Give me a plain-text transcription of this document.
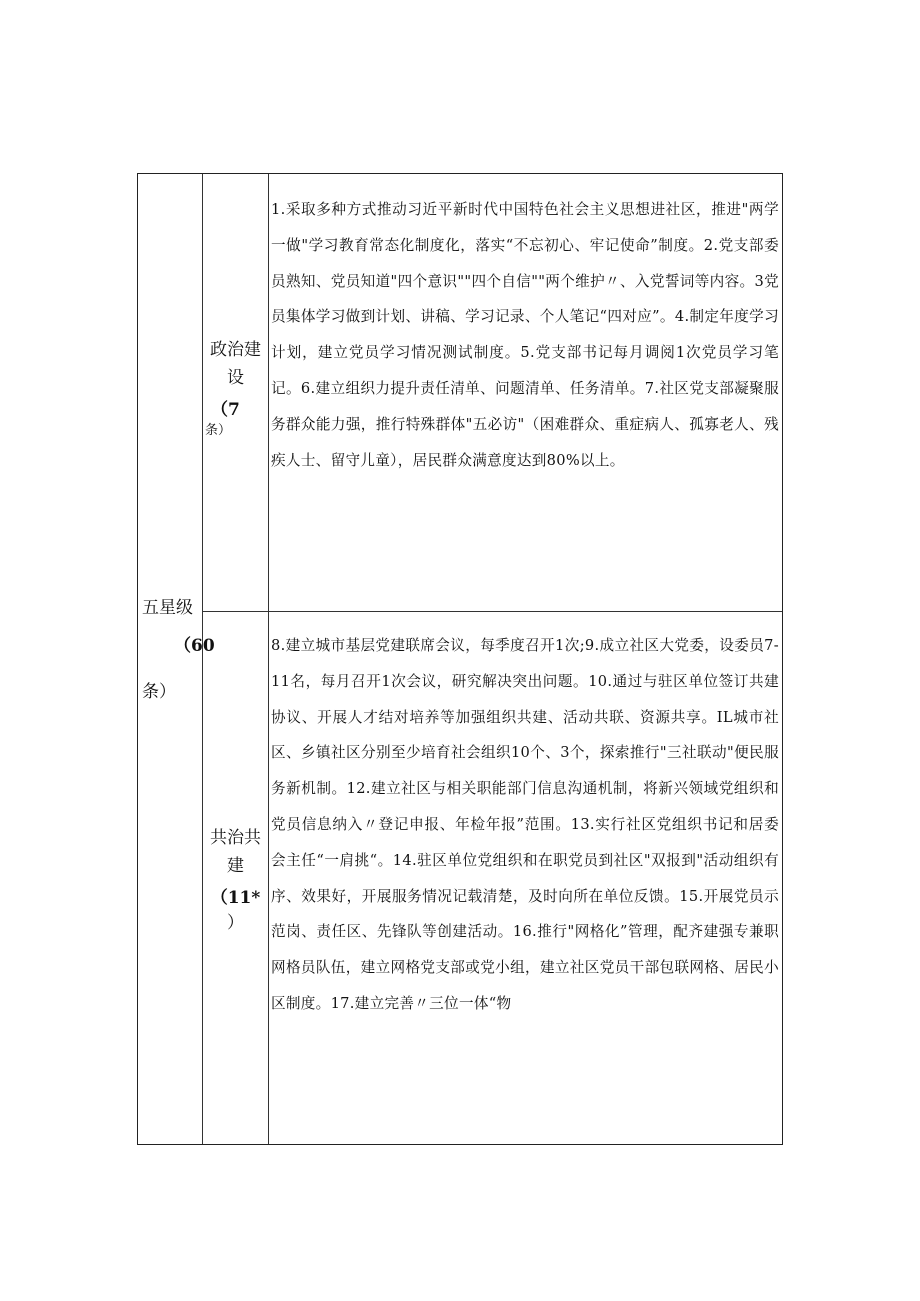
五星级
（60
条）
政治建
设
（7
条）

1.采取多种方式推动习近平新时代中国特色社会主义思想进社区，推进"两学一做"学习教育常态化制度化，落实“不忘初心、牢记使命”制度。2.党支部委员熟知、党员知道"四个意识""四个自信""两个维护〃、入党誓词等内容。3党员集体学习做到计划、讲稿、学习记录、个人笔记“四对应”。4.制定年度学习计划，建立党员学习情况测试制度。5.党支部书记每月调阅1次党员学习笔记。6.建立组织力提升责任清单、问题清单、任务清单。7.社区党支部凝聚服务群众能力强，推行特殊群体"五必访"（困难群众、重症病人、孤寡老人、残疾人士、留守儿童），居民群众满意度达到80%以上。

共治共
建
（11*
）

8.建立城市基层党建联席会议，每季度召开1次;9.成立社区大党委，设委员7-11名，每月召开1次会议，研究解决突出问题。10.通过与驻区单位签订共建协议、开展人才结对培养等加强组织共建、活动共联、资源共享。IL城市社区、乡镇社区分别至少培育社会组织10个、3个，探索推行"三社联动"便民服务新机制。12.建立社区与相关职能部门信息沟通机制，将新兴领域党组织和党员信息纳入〃登记申报、年检年报”范围。13.实行社区党组织书记和居委会主任“一肩挑“。14.驻区单位党组织和在职党员到社区"双报到"活动组织有序、效果好，开展服务情况记载清楚，及时向所在单位反馈。15.开展党员示范岗、责任区、先锋队等创建活动。16.推行"网格化”管理，配齐建强专兼职网格员队伍，建立网格党支部或党小组，建立社区党员干部包联网格、居民小区制度。17.建立完善〃三位一体“物
